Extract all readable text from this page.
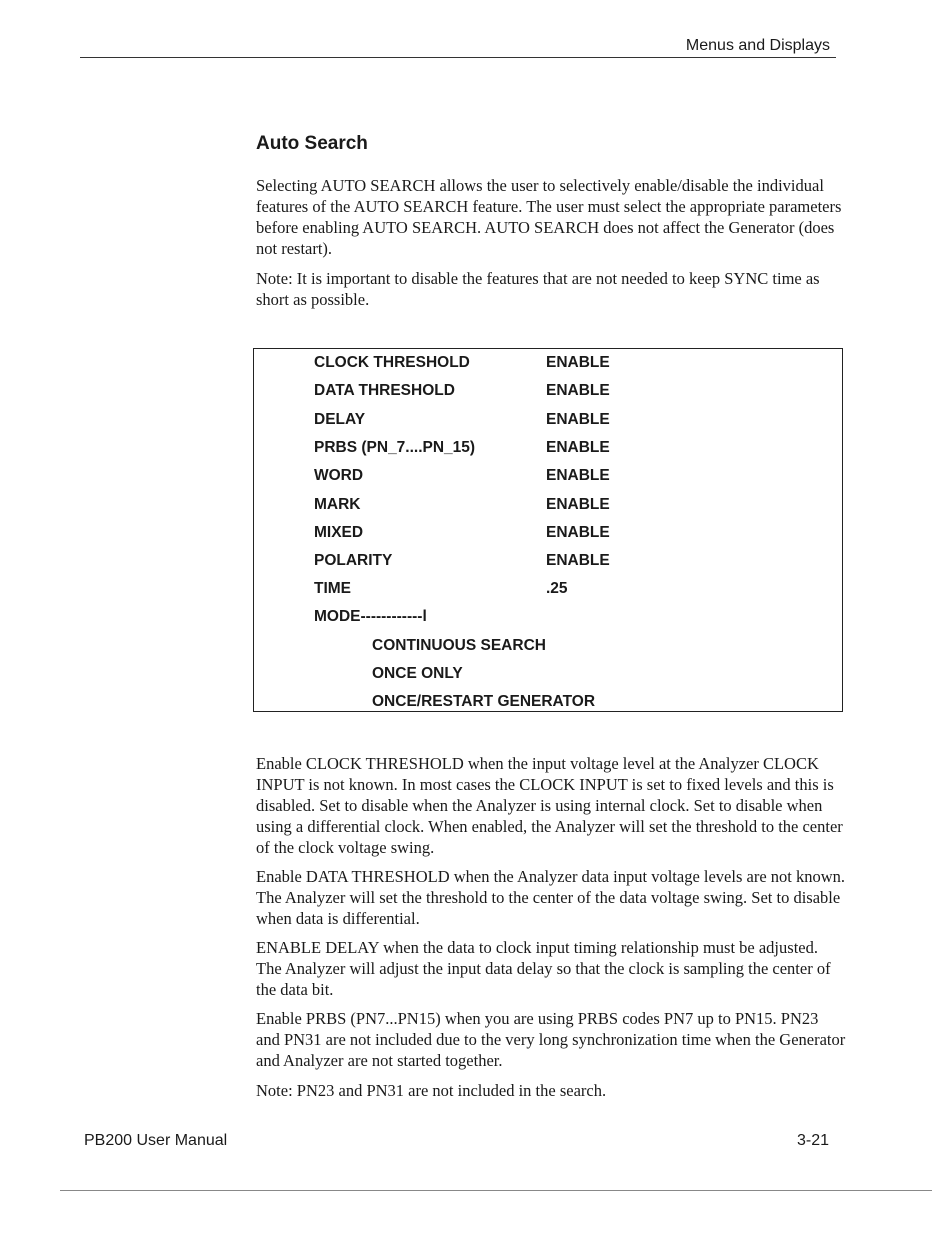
Menus and Displays
Auto Search

Selecting AUTO SEARCH allows the user to selectively enable/disable the individual features of the AUTO SEARCH feature. The user must select the appropriate parameters before enabling AUTO SEARCH. AUTO SEARCH does not affect the Generator (does not restart).

Note: It is important to disable the features that are not needed to keep SYNC time as short as possible.

CLOCK THRESHOLD	ENABLE
DATA THRESHOLD	ENABLE
DELAY	ENABLE
PRBS (PN_7....PN_15)	ENABLE
WORD	ENABLE
MARK	ENABLE
MIXED	ENABLE
POLARITY	ENABLE
TIME	.25
MODE------------l
CONTINUOUS SEARCH
ONCE ONLY
ONCE/RESTART GENERATOR

Enable CLOCK THRESHOLD when the input voltage level at the Analyzer CLOCK INPUT is not known. In most cases the CLOCK INPUT is set to fixed levels and this is disabled. Set to disable when the Analyzer is using internal clock. Set to disable when using a differential clock. When enabled, the Analyzer will set the threshold to the center of the clock voltage swing.

Enable DATA THRESHOLD when the Analyzer data input voltage levels are not known. The Analyzer will set the threshold to the center of the data voltage swing. Set to disable when data is differential.

ENABLE DELAY when the data to clock input timing relationship must be adjusted. The Analyzer will adjust the input data delay so that the clock is sampling the center of the data bit.

Enable PRBS (PN7...PN15) when you are using PRBS codes PN7 up to PN15. PN23 and PN31 are not included due to the very long synchronization time when the Generator and Analyzer are not started together.

Note: PN23 and PN31 are not included in the search.

PB200 User Manual	3-21
